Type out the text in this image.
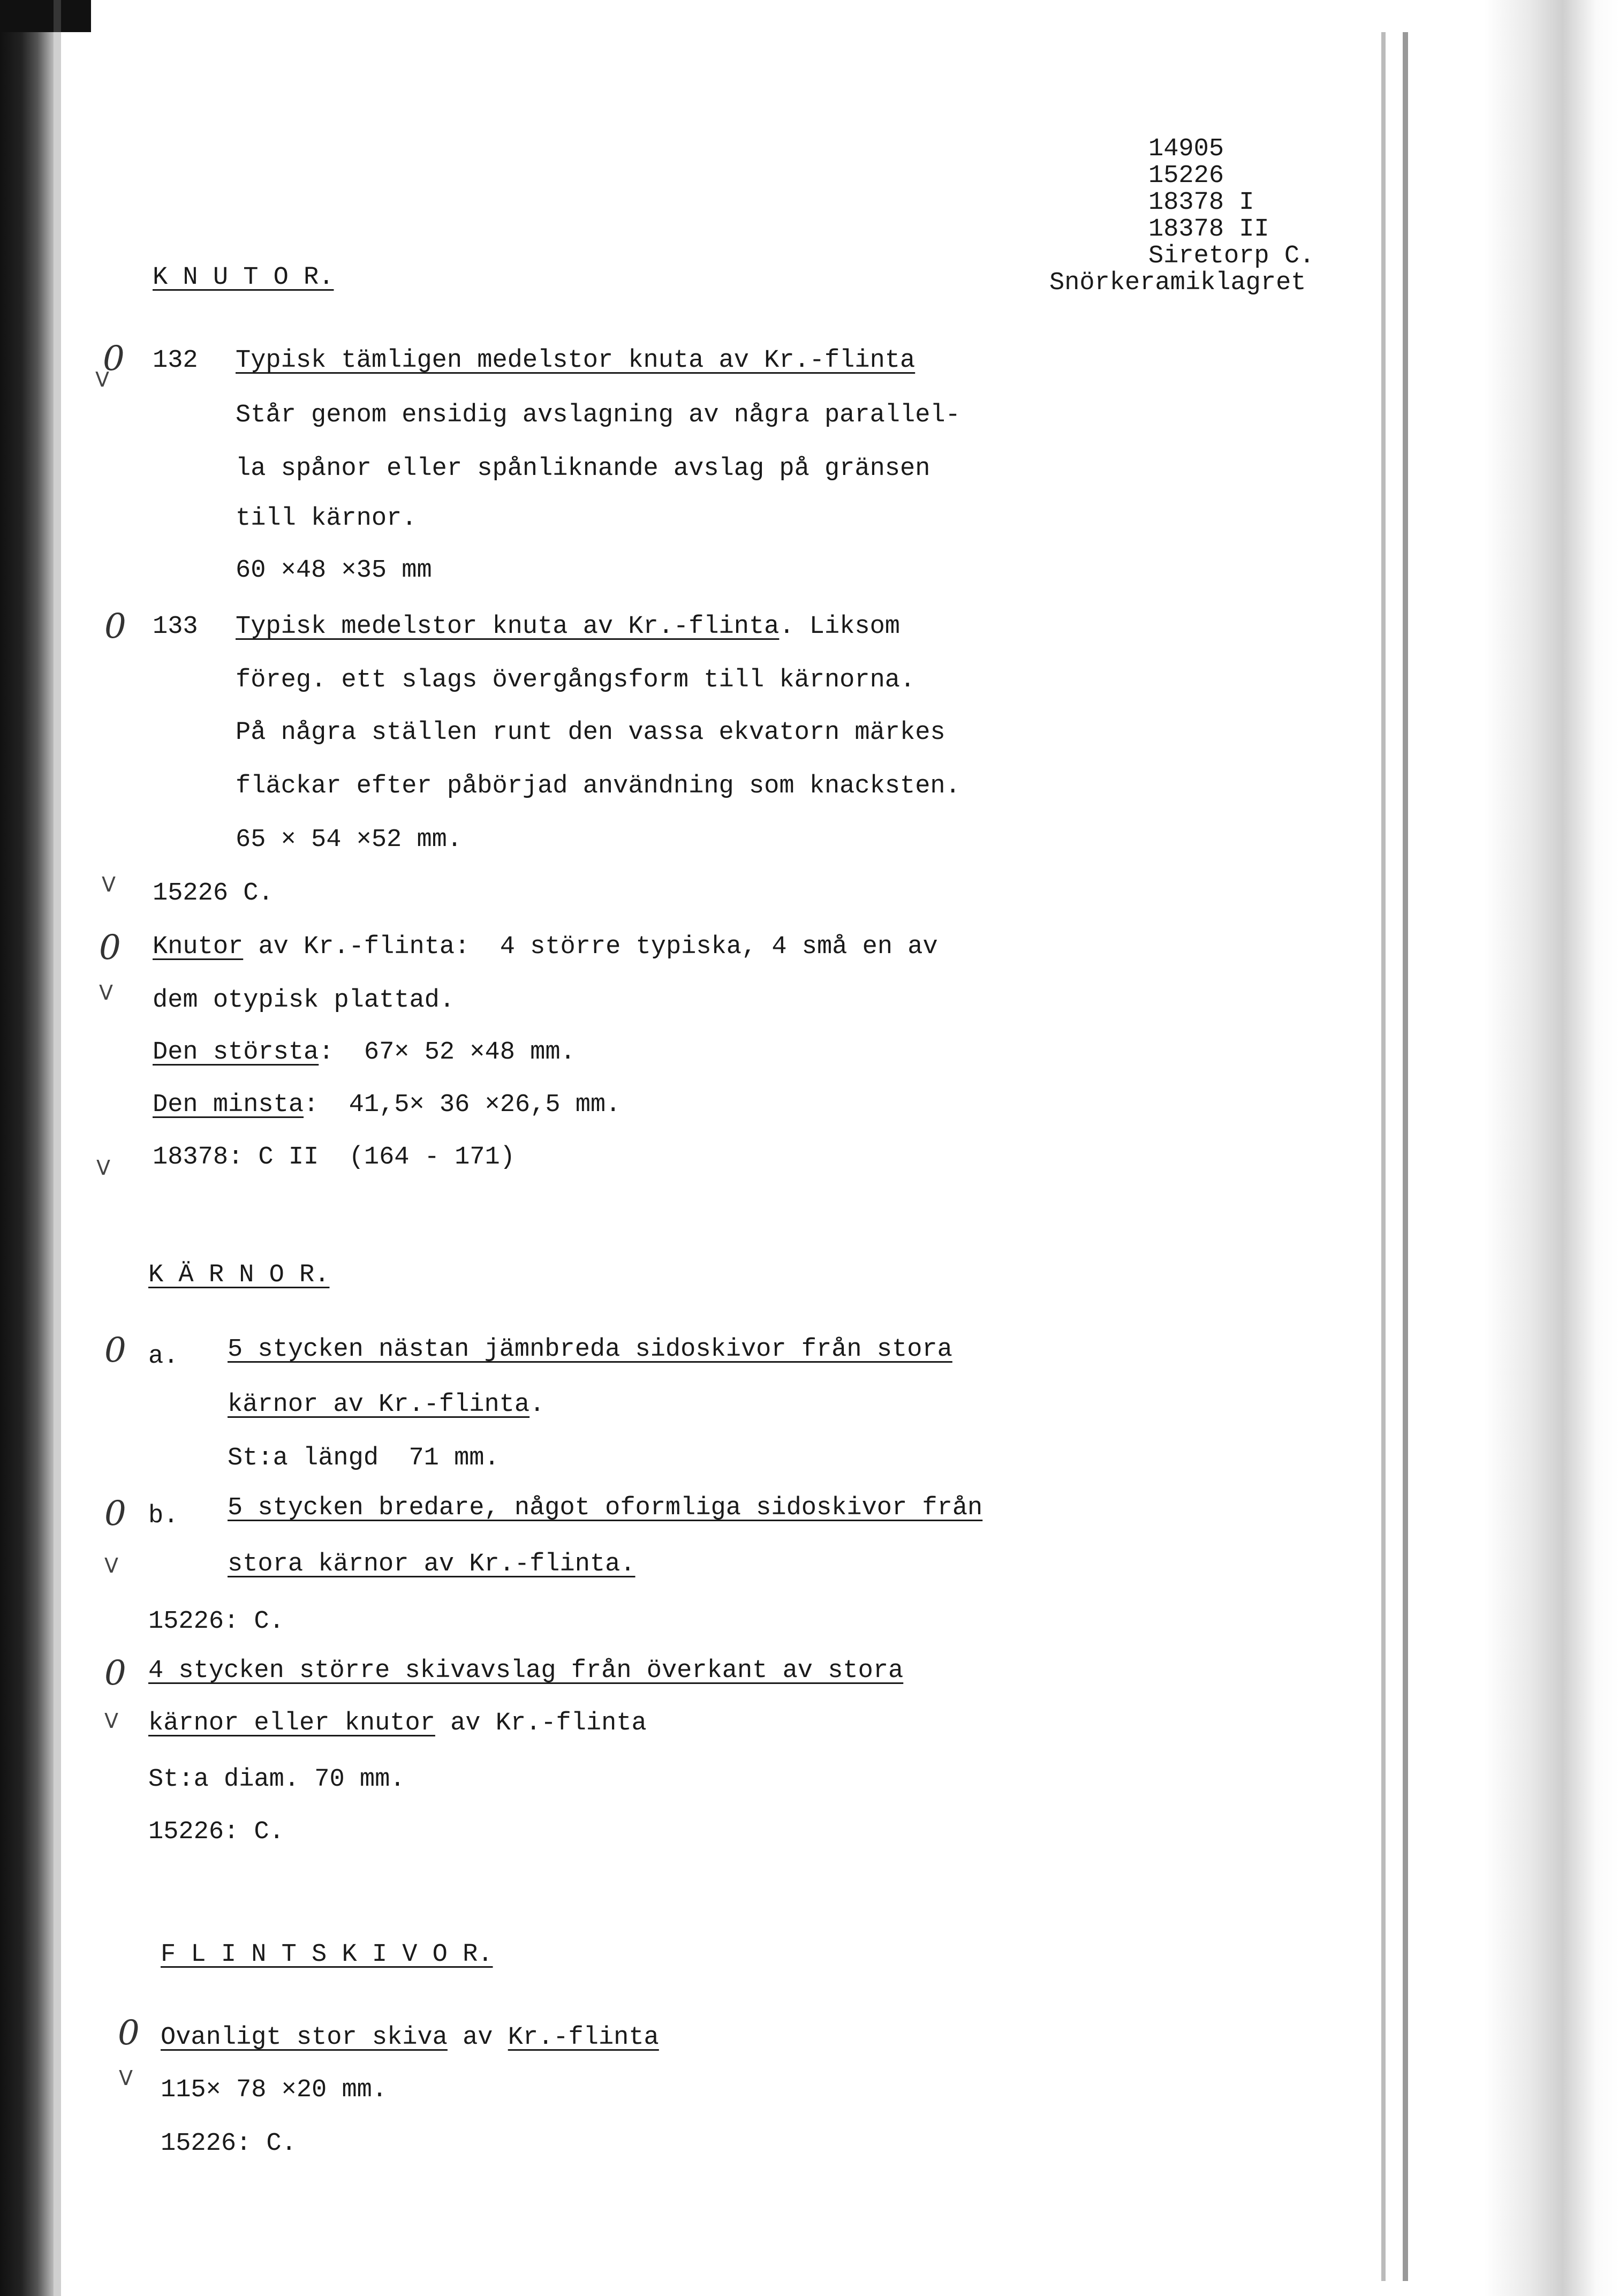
14905

15226

18378 I

18378 II

Siretorp C.

Snörkeramiklagret

K N U T O R.
0
V
132 Typisk tämligen medelstor knuta av Kr.-flinta
Står genom ensidig avslagning av några parallel-
la spånor eller spånliknande avslag på gränsen
till kärnor.
60 ×48 ×35 mm
0 133 Typisk medelstor knuta av Kr.-flinta. Liksom
föreg. ett slags övergångsform till kärnorna.
På några ställen runt den vassa ekvatorn märkes
fläckar efter påbörjad användning som knacksten.
65 × 54 ×52 mm.
V 15226 C.
0 Knutor av Kr.-flinta:  4 större typiska, 4 små en av
V dem otypisk plattad.
Den största:  67× 52 ×48 mm.
Den minsta:  41,5× 36 ×26,5 mm.
V 18378: C II  (164 - 171)
K Ä R N O R.
0 a. 5 stycken nästan jämnbreda sidoskivor från stora
kärnor av Kr.-flinta.
St:a längd  71 mm.
0 b. 5 stycken bredare, något oformliga sidoskivor från
V	stora kärnor av Kr.-flinta.
15226: C.
0 4 stycken större skivavslag från överkant av stora
V kärnor eller knutor av Kr.-flinta
St:a diam. 70 mm.
15226: C.
F L I N T S K I V O R.
0 Ovanligt stor skiva av Kr.-flinta
V 115× 78 ×20 mm.
15226: C.
